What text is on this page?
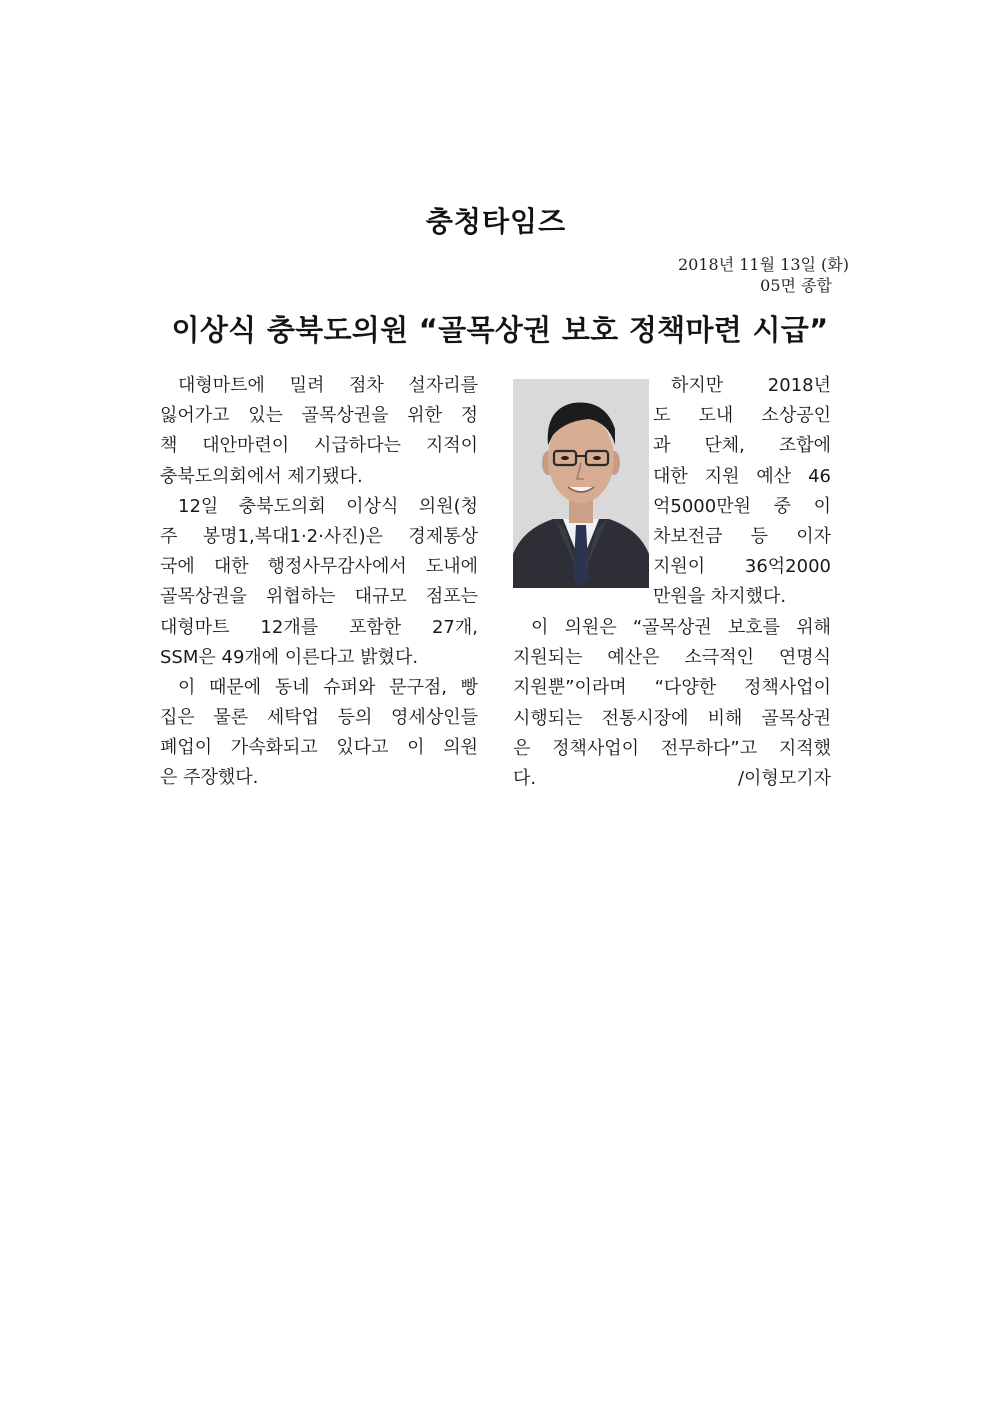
충청타임즈
2018년 11월 13일 (화)
05면 종합
이상식 충북도의원 “골목상권 보호 정책마련 시급”
대형마트에 밀려 점차 설자리를
잃어가고 있는 골목상권을 위한 정
책 대안마련이 시급하다는 지적이
충북도의회에서 제기됐다.
12일 충북도의회 이상식 의원(청
주 봉명1,복대1·2·사진)은 경제통상
국에 대한 행정사무감사에서 도내에
골목상권을 위협하는 대규모 점포는
대형마트 12개를 포함한 27개,
SSM은 49개에 이른다고 밝혔다.
이 때문에 동네 슈퍼와 문구점, 빵
집은 물론 세탁업 등의 영세상인들
폐업이 가속화되고 있다고 이 의원
은 주장했다.
하지만 2018년
도 도내 소상공인
과 단체, 조합에
대한 지원 예산 46
억5000만원 중 이
차보전금 등 이자
지원이 36억2000
만원을 차지했다.
이 의원은 “골목상권 보호를 위해
지원되는 예산은 소극적인 연명식
지원뿐”이라며 “다양한 정책사업이
시행되는 전통시장에 비해 골목상권
은 정책사업이 전무하다”고 지적했
다.	/이형모기자
